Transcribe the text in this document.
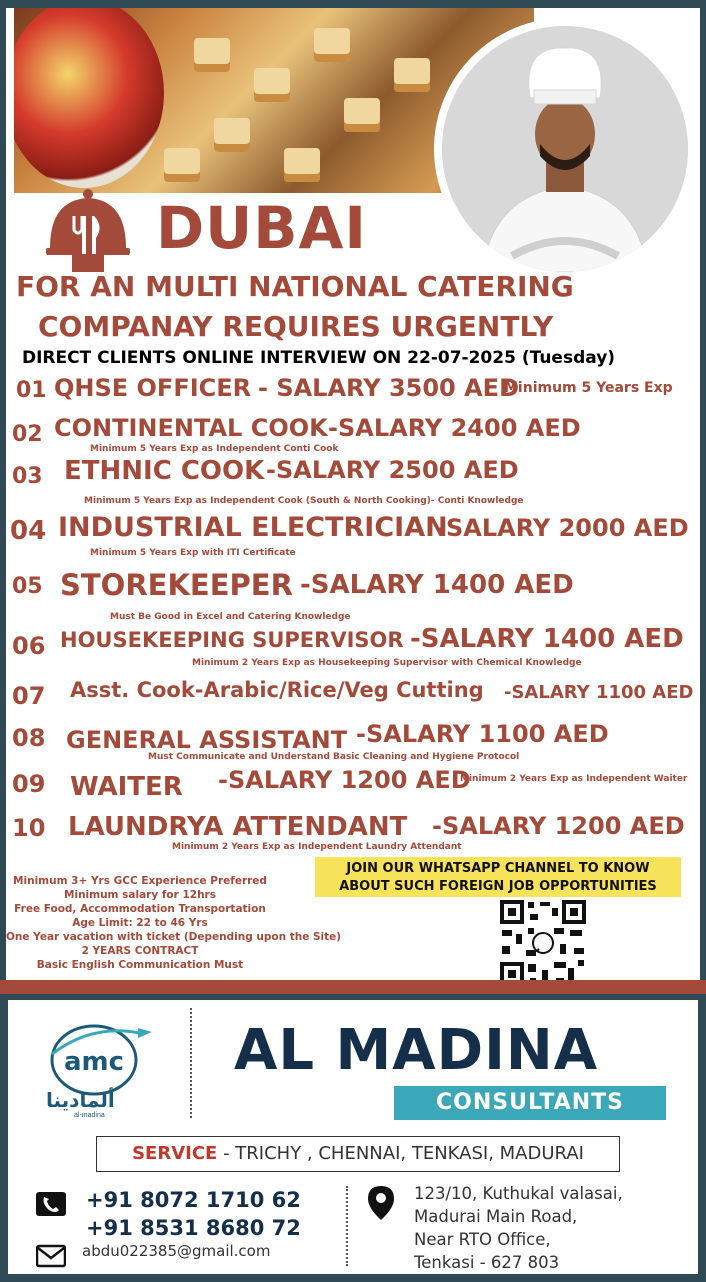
DUBAI
FOR AN MULTI NATIONAL CATERING
COMPANAY REQUIRES URGENTLY
DIRECT CLIENTS ONLINE INTERVIEW ON 22-07-2025 (Tuesday)
01 QHSE OFFICER - SALARY 3500 AED
Minimum 5 Years Exp
02 CONTINENTAL COOK -SALARY 2400 AED
Minimum 5 Years Exp as Independent Conti Cook
03 ETHNIC COOK -SALARY 2500 AED
Minimum 5 Years Exp as Independent Cook (South & North Cooking)- Conti Knowledge
04 INDUSTRIAL ELECTRICIAN
-SALARY 2000 AED
Minimum 5 Years Exp with ITI Certificate
05 STOREKEEPER -SALARY 1400 AED
Must Be Good in Excel and Catering Knowledge
06 HOUSEKEEPING SUPERVISOR -SALARY 1400 AED
Minimum 2 Years Exp as Housekeeping Supervisor with Chemical Knowledge
07 Asst. Cook-Arabic/Rice/Veg Cutting -SALARY 1100 AED
08 GENERAL ASSISTANT -SALARY 1100 AED
Must Communicate and Understand Basic Cleaning and Hygiene Protocol
09 WAITER -SALARY 1200 AED
Minimum 2 Years Exp as Independent Waiter
10 LAUNDRYA ATTENDANT -SALARY 1200 AED
Minimum 2 Years Exp as Independent Laundry Attendant
Minimum 3+ Yrs GCC Experience Preferred
Minimum salary for 12hrs
Free Food, Accommodation Transportation
Age Limit: 22 to 46 Yrs
One Year vacation with ticket (Depending upon the Site)
2 YEARS CONTRACT
Basic English Communication Must
JOIN OUR WHATSAPP CHANNEL TO KNOW
ABOUT SUCH FOREIGN JOB OPPORTUNITIES
amc
ألمادينا
al-madina
AL MADINA
CONSULTANTS
SERVICE - TRICHY , CHENNAI, TENKASI, MADURAI
+91 8072 1710 62
+91 8531 8680 72
abdu022385@gmail.com
123/10, Kuthukal valasai,
Madurai Main Road,
Near RTO Office,
Tenkasi - 627 803
